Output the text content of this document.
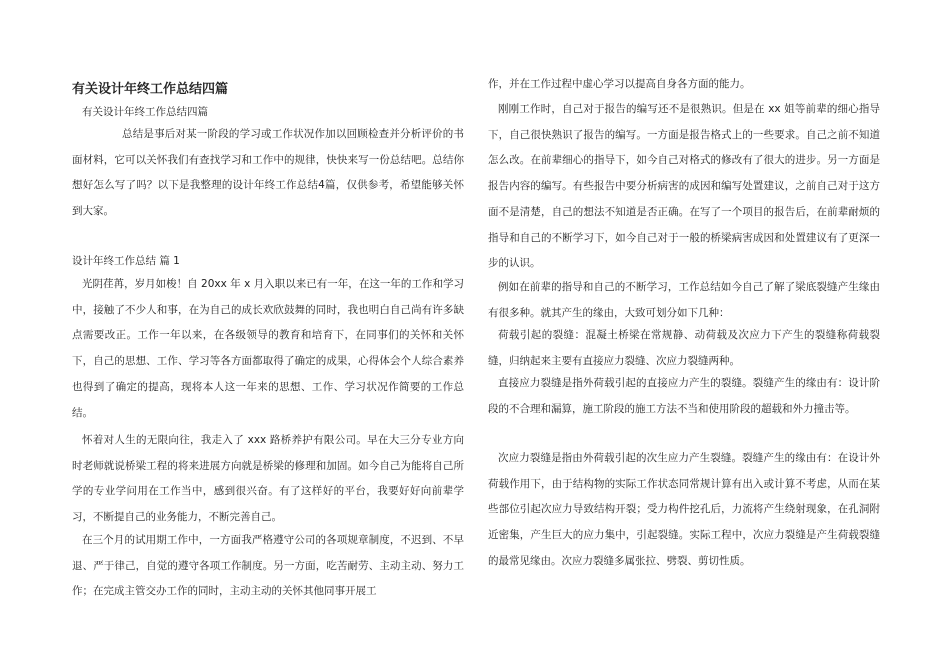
有关设计年终工作总结四篇

有关设计年终工作总结四篇

总结是事后对某一阶段的学习或工作状况作加以回顾检查并分析评价的书面材料，它可以关怀我们有查找学习和工作中的规律，快快来写一份总结吧。总结你想好怎么写了吗？以下是我整理的设计年终工作总结4篇，仅供参考，希望能够关怀到大家。

设计年终工作总结 篇 1

光阴荏苒，岁月如梭！自 20xx 年 x 月入职以来已有一年，在这一年的工作和学习中，接触了不少人和事，在为自己的成长欢欣鼓舞的同时，我也明白自己尚有许多缺点需要改正。工作一年以来，在各级领导的教育和培育下，在同事们的关怀和关怀下，自己的思想、工作、学习等各方面都取得了确定的成果，心得体会个人综合素养也得到了确定的提高，现将本人这一年来的思想、工作、学习状况作简要的工作总结。

怀着对人生的无限向往，我走入了 xxx 路桥养护有限公司。早在大三分专业方向时老师就说桥梁工程的将来进展方向就是桥梁的修理和加固。如今自己为能将自己所学的专业学问用在工作当中，感到很兴奋。有了这样好的平台，我要好好向前辈学习，不断提自己的业务能力，不断完善自己。

在三个月的试用期工作中，一方面我严格遵守公司的各项规章制度，不迟到、不早退、严于律己，自觉的遵守各项工作制度。另一方面，吃苦耐劳、主动主动、努力工作；在完成主管交办工作的同时，主动主动的关怀其他同事开展工

作，并在工作过程中虚心学习以提高自身各方面的能力。

刚刚工作时，自己对于报告的编写还不是很熟识。但是在 xx 姐等前辈的细心指导下，自己很快熟识了报告的编写。一方面是报告格式上的一些要求。自己之前不知道怎么改。在前辈细心的指导下，如今自己对格式的修改有了很大的进步。另一方面是报告内容的编写。有些报告中要分析病害的成因和编写处置建议，之前自己对于这方面不是清楚，自己的想法不知道是否正确。在写了一个项目的报告后，在前辈耐烦的指导和自己的不断学习下，如今自己对于一般的桥梁病害成因和处置建议有了更深一步的认识。

例如在前辈的指导和自己的不断学习，工作总结如今自己了解了梁底裂缝产生缘由有很多种。就其产生的缘由，大致可划分如下几种：

荷载引起的裂缝：混凝土桥梁在常规静、动荷载及次应力下产生的裂缝称荷载裂缝，归纳起来主要有直接应力裂缝、次应力裂缝两种。

直接应力裂缝是指外荷载引起的直接应力产生的裂缝。裂缝产生的缘由有：设计阶段的不合理和漏算，施工阶段的施工方法不当和使用阶段的超载和外力撞击等。

次应力裂缝是指由外荷载引起的次生应力产生裂缝。裂缝产生的缘由有：在设计外荷载作用下，由于结构物的实际工作状态同常规计算有出入或计算不考虑，从而在某些部位引起次应力导致结构开裂；受力构件挖孔后，力流将产生绕射现象，在孔洞附近密集，产生巨大的应力集中，引起裂缝。实际工程中，次应力裂缝是产生荷载裂缝的最常见缘由。次应力裂缝多属张拉、劈裂、剪切性质。
